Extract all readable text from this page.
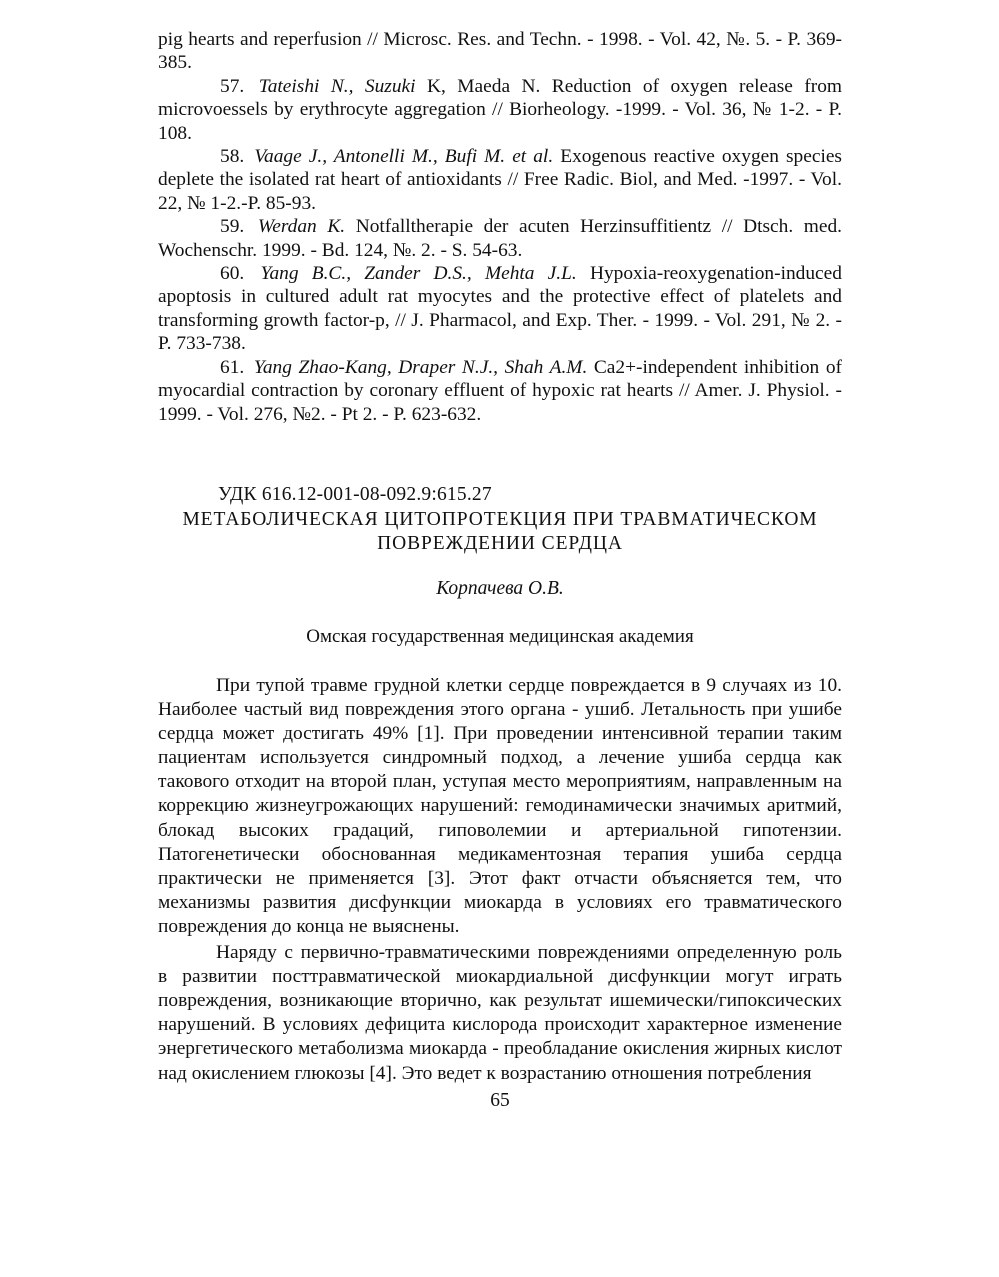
pig hearts and reperfusion // Microsc. Res. and Techn. - 1998. - Vol. 42, №. 5. - P. 369-385.

57. Tateishi N., Suzuki K, Maeda N. Reduction of oxygen release from microvoessels by erythrocyte aggregation // Biorheology. -1999. - Vol. 36, № 1-2. - P. 108.

58. Vaage J., Antonelli M., Bufi M. et al. Exogenous reactive oxygen species deplete the isolated rat heart of antioxidants // Free Radic. Biol, and Med. -1997. - Vol. 22, № 1-2.-P. 85-93.

59. Werdan K. Notfalltherapie der acuten Herzinsuffitientz // Dtsch. med. Wochenschr. 1999. - Bd. 124, №. 2. - S. 54-63.

60. Yang B.C., Zander D.S., Mehta J.L. Hypoxia-reoxygenation-induced apoptosis in cultured adult rat myocytes and the protective effect of platelets and transforming growth factor-p, // J. Pharmacol, and Exp. Ther. - 1999. - Vol. 291, № 2. - P. 733-738.

61. Yang Zhao-Kang, Draper N.J., Shah A.M. Ca2+-independent inhibition of myocardial contraction by coronary effluent of hypoxic rat hearts // Amer. J. Physiol. - 1999. - Vol. 276, №2. - Pt 2. - P. 623-632.

УДК 616.12-001-08-092.9:615.27
МЕТАБОЛИЧЕСКАЯ ЦИТОПРОТЕКЦИЯ ПРИ ТРАВМАТИЧЕСКОМ
ПОВРЕЖДЕНИИ СЕРДЦА
Корпачева О.В.
Омская государственная медицинская академия

При тупой травме грудной клетки сердце повреждается в 9 случаях из 10. Наиболее частый вид повреждения этого органа - ушиб. Летальность при ушибе сердца может достигать 49% [1]. При проведении интенсивной терапии таким пациентам используется синдромный подход, а лечение ушиба сердца как такового отходит на второй план, уступая место мероприятиям, направленным на коррекцию жизнеугрожающих нарушений: гемодинамически значимых аритмий, блокад высоких градаций, гиповолемии и артериальной гипотензии. Патогенетически обоснованная медикаментозная терапия ушиба сердца практически не применяется [3]. Этот факт отчасти объясняется тем, что механизмы развития дисфункции миокарда в условиях его травматического повреждения до конца не выяснены.

Наряду с первично-травматическими повреждениями определенную роль в развитии посттравматической миокардиальной дисфункции могут играть повреждения, возникающие вторично, как результат ишемически/гипоксических нарушений. В условиях дефицита кислорода происходит характерное изменение энергетического метаболизма миокарда - преобладание окисления жирных кислот над окислением глюкозы [4]. Это ведет к возрастанию отношения потребления

65
